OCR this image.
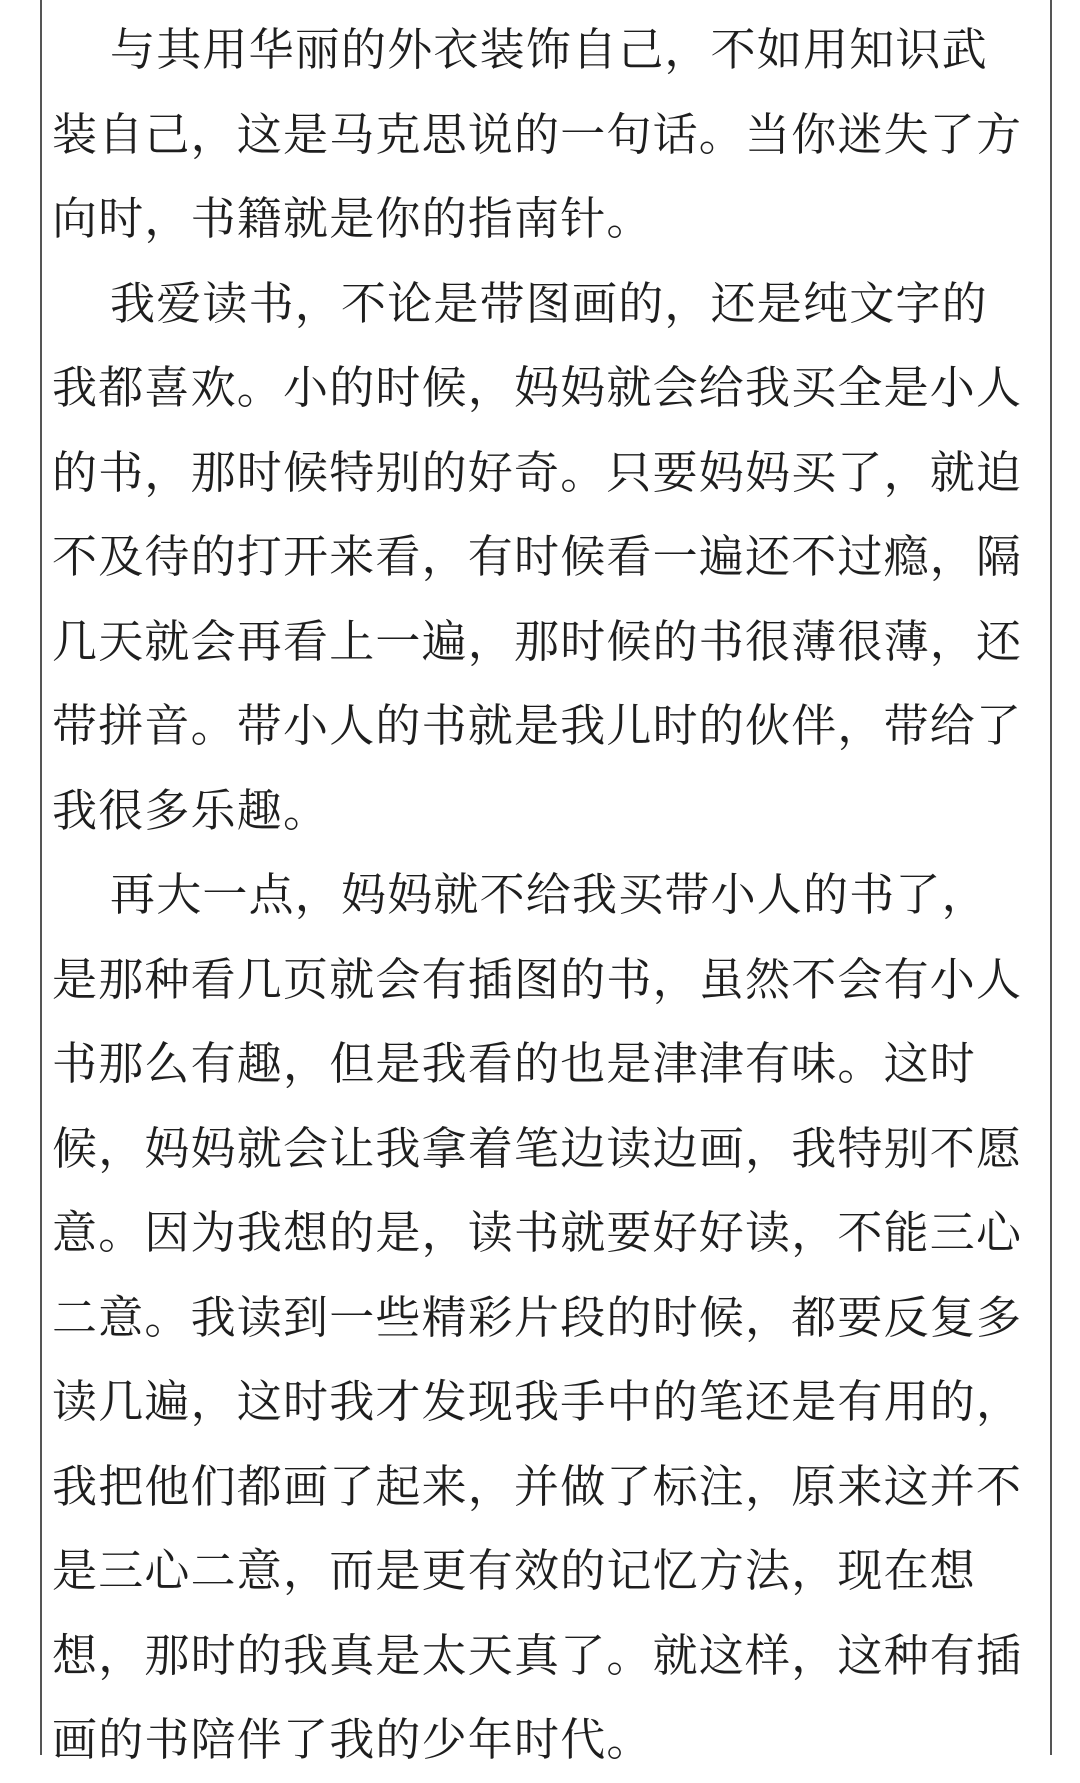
与其用华丽的外衣装饰自己，不如用知识武
装自己，这是马克思说的一句话。当你迷失了方
向时，书籍就是你的指南针。
我爱读书，不论是带图画的，还是纯文字的
我都喜欢。小的时候，妈妈就会给我买全是小人
的书，那时候特别的好奇。只要妈妈买了，就迫
不及待的打开来看，有时候看一遍还不过瘾，隔
几天就会再看上一遍，那时候的书很薄很薄，还
带拼音。带小人的书就是我儿时的伙伴，带给了
我很多乐趣。
再大一点，妈妈就不给我买带小人的书了，
是那种看几页就会有插图的书，虽然不会有小人
书那么有趣，但是我看的也是津津有味。这时
候，妈妈就会让我拿着笔边读边画，我特别不愿
意。因为我想的是，读书就要好好读，不能三心
二意。我读到一些精彩片段的时候，都要反复多
读几遍，这时我才发现我手中的笔还是有用的，
我把他们都画了起来，并做了标注，原来这并不
是三心二意，而是更有效的记忆方法，现在想
想，那时的我真是太天真了。就这样，这种有插
画的书陪伴了我的少年时代。
